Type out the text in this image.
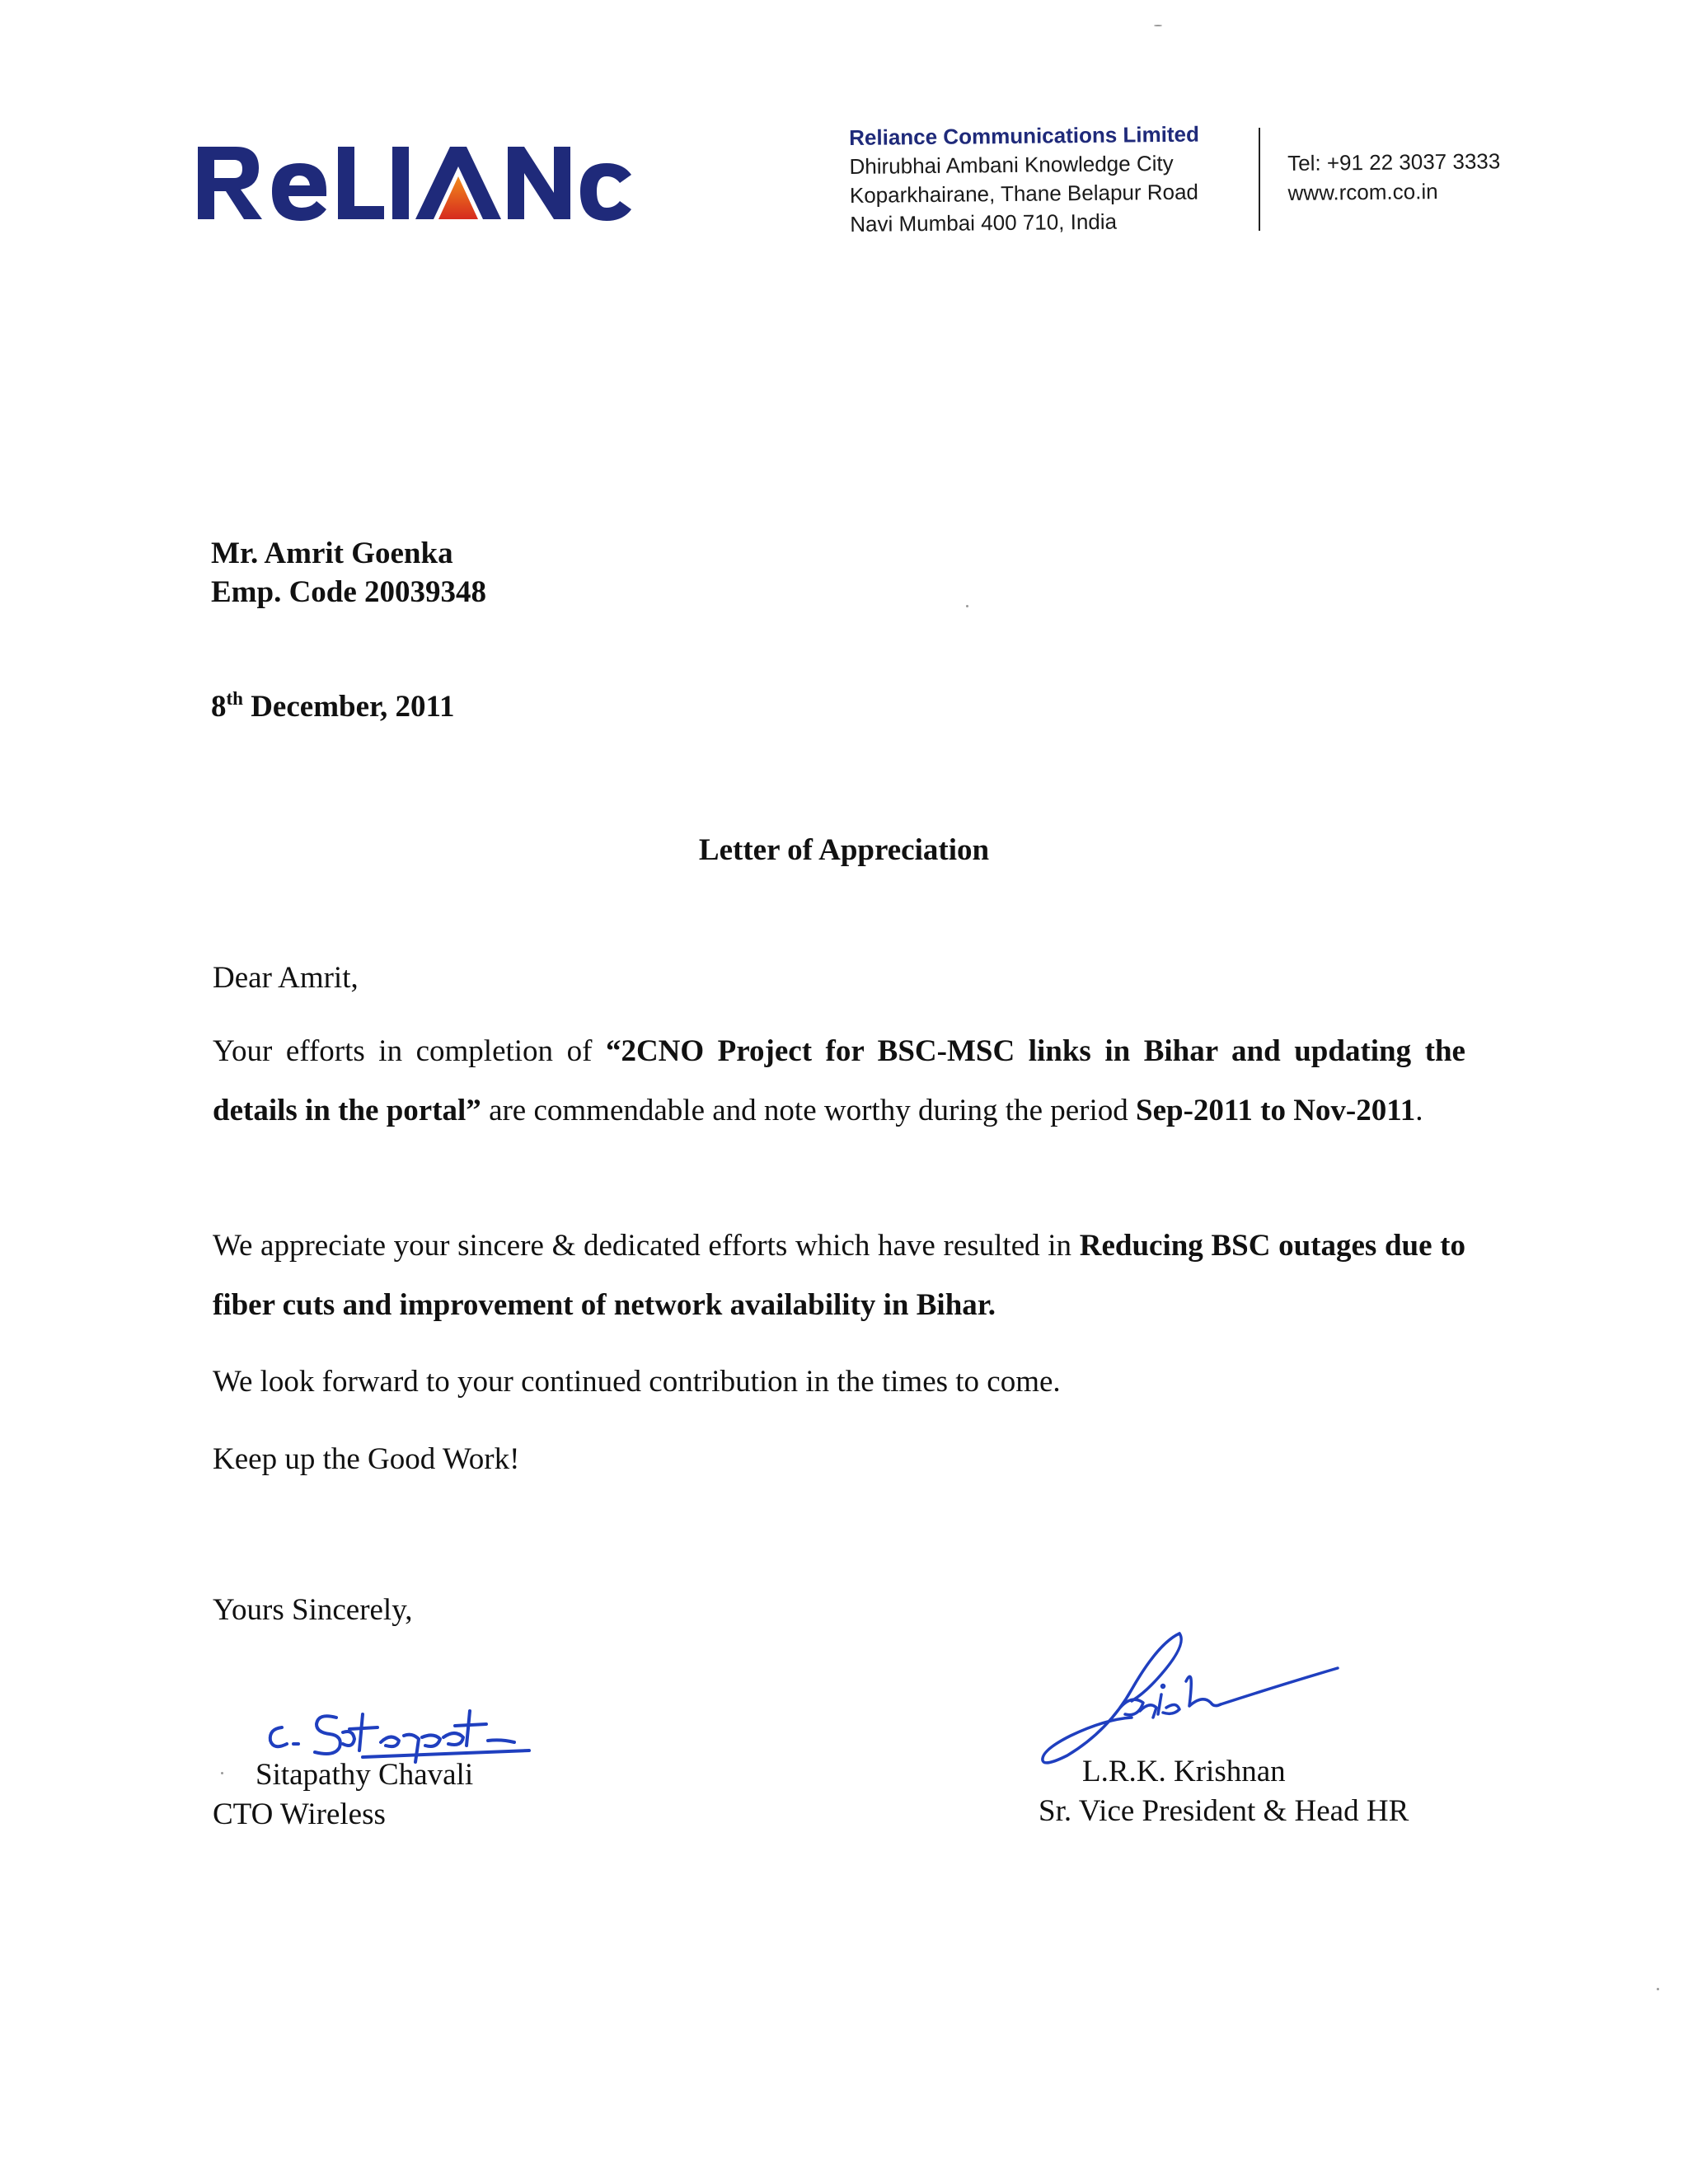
Reliance Communications Limited
Dhirubhai Ambani Knowledge City
Koparkhairane, Thane Belapur Road
Navi Mumbai 400 710, India
Tel: +91 22 3037 3333
www.rcom.co.in
Mr. Amrit Goenka
Emp. Code 20039348
8th December, 2011
Letter of Appreciation
Dear Amrit,
Your efforts in completion of “2CNO Project for BSC-MSC links in Bihar and updating the details in the portal” are commendable and note worthy during the period Sep-2011 to Nov-2011.
We appreciate your sincere & dedicated efforts which have resulted in Reducing BSC outages due to fiber cuts and improvement of network availability in Bihar.
We look forward to your continued contribution in the times to come.
Keep up the Good Work!
Yours Sincerely,
Sitapathy Chavali
CTO Wireless
L.R.K. Krishnan
Sr. Vice President & Head HR
